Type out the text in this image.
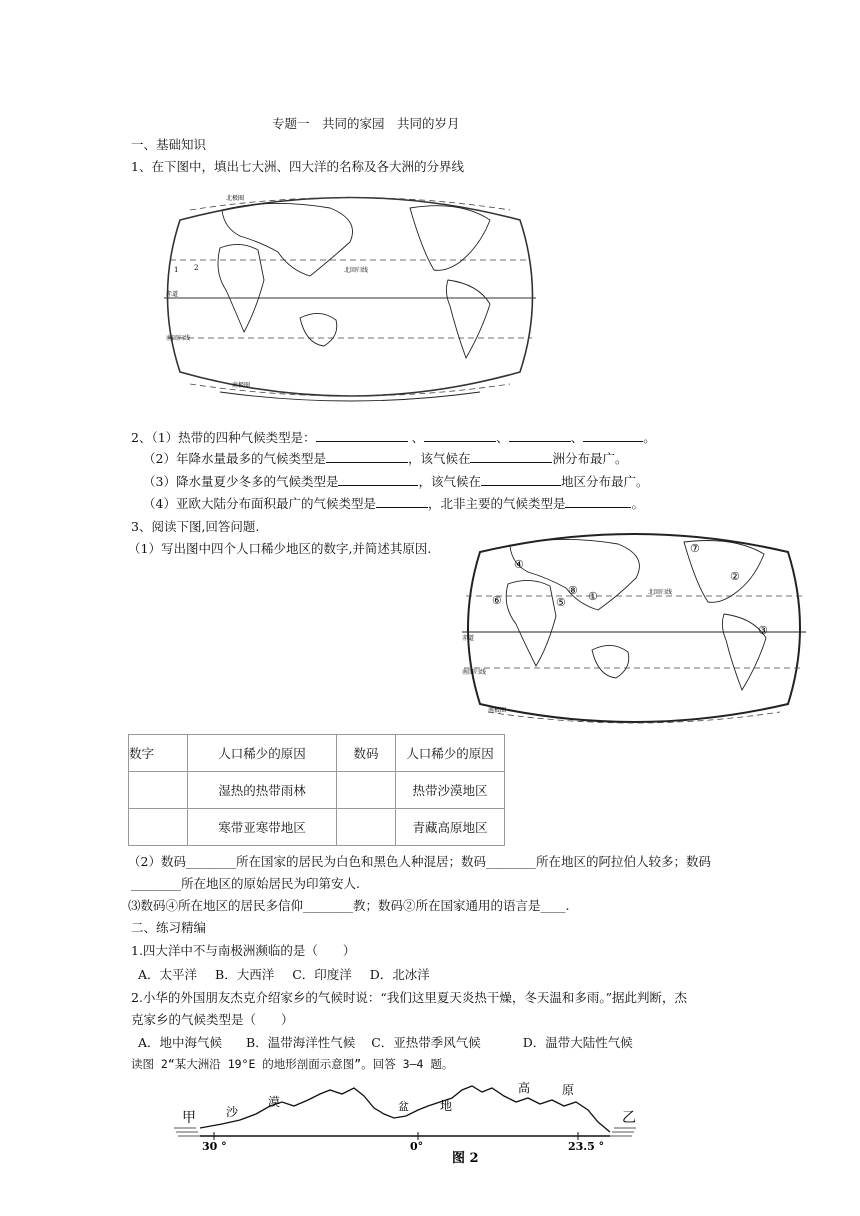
专题一　共同的家园　共同的岁月
一、基础知识
1、在下图中，填出七大洲、四大洋的名称及各大洲的分界线
北极圈
北回归线
赤道
南回归线
南极圈
1 2
2、（1）热带的四种气候类型是：	、	、	、	。
（2）年降水量最多的气候类型是	，该气候在	洲分布最广。
（3）降水量夏少冬多的气候类型是	，该气候在	地区分布最广。
（4）亚欧大陆分布面积最广的气候类型是	，北非主要的气候类型是	。
3、阅读下图,回答问题.
（1）写出图中四个人口稀少地区的数字,并简述其原因.
北回归线
赤道
南回归线
南极圈
①
②
③
④
⑤
⑥
⑦
⑧
数字	人口稀少的原因	数码	人口稀少的原因
	湿热的热带雨林		热带沙漠地区
	寒带亚寒带地区		青藏高原地区
（2）数码________所在国家的居民为白色和黑色人种混居；数码________所在地区的阿拉伯人较多；数码
________所在地区的原始居民为印第安人.
⑶数码④所在地区的居民多信仰________教；数码②所在国家通用的语言是____.
二、练习精编
1.四大洋中不与南极洲濒临的是（　　）
A．太平洋 B．大西洋 C．印度洋 D．北冰洋
2.小华的外国朋友杰克介绍家乡的气候时说：“我们这里夏天炎热干燥，冬天温和多雨。”据此判断，杰
克家乡的气候类型是（　　）
A．地中海气候 B．温带海洋性气候 C．亚热带季风气候	D．温带大陆性气候
读图 2“某大洲沿 19°E 的地形剖面示意图”。回答 3—4 题。
甲	沙
漠	盆	地
高	原
乙
30 °	0°	23.5 °
图 2
